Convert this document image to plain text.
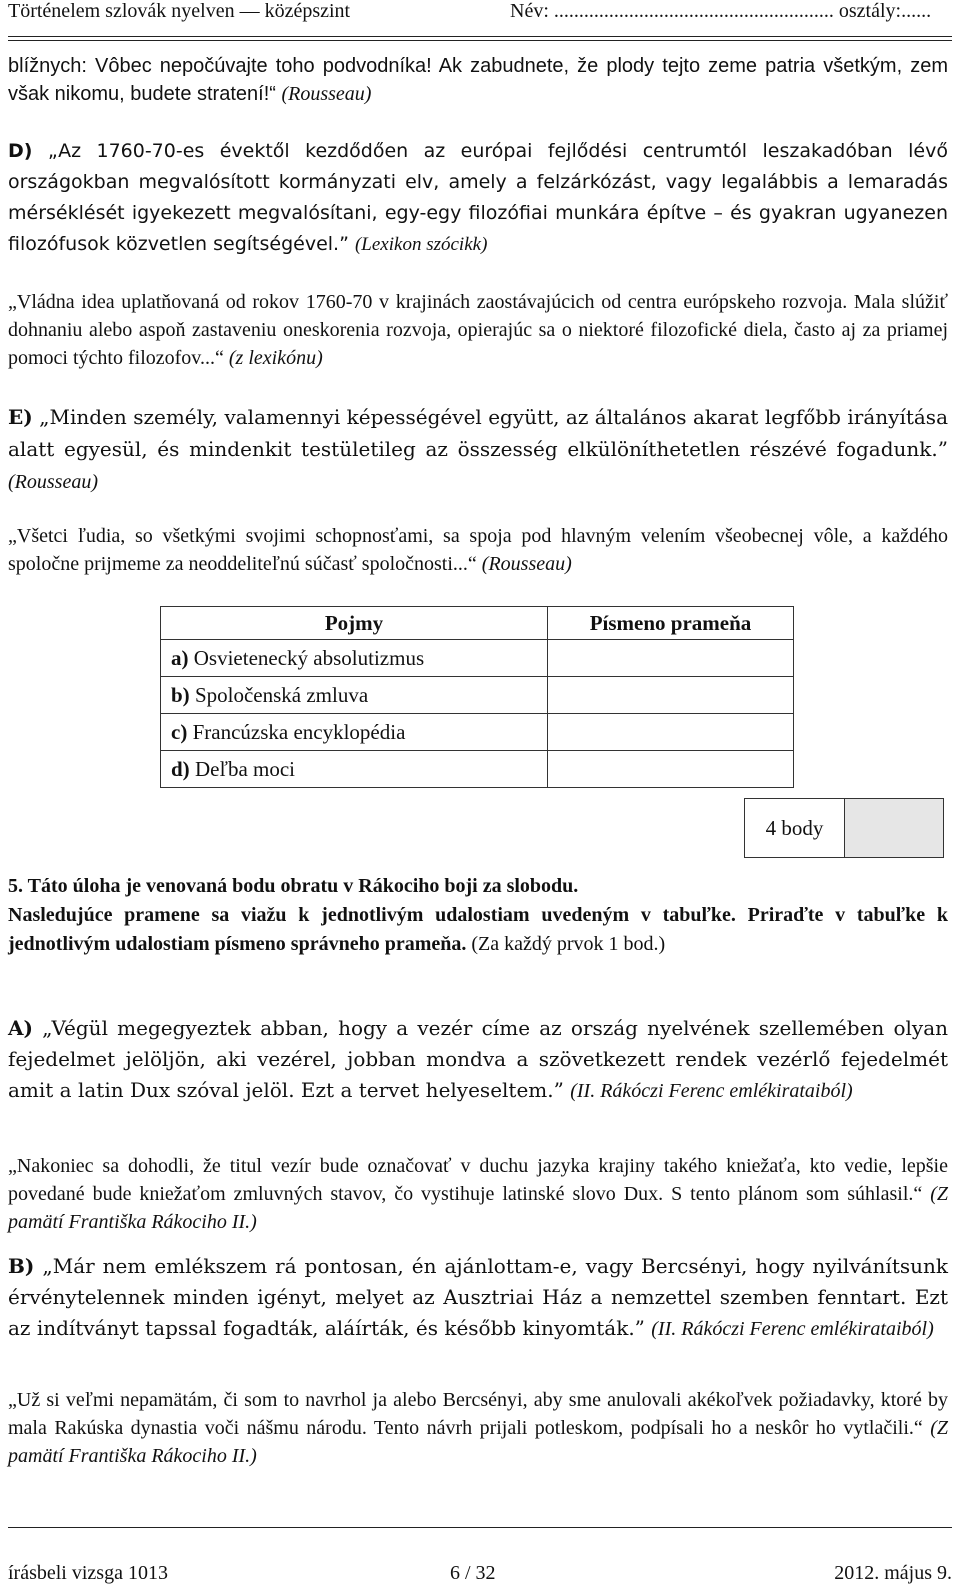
Történelem szlovák nyelven — középszint	Név: ........................................................ osztály:......
blížnych: Vôbec nepočúvajte toho podvodníka! Ak zabudnete, že plody tejto zeme patria všetkým, zem však nikomu, budete stratení!“ (Rousseau)
D) „Az 1760-70-es évektől kezdődően az európai fejlődési centrumtól leszakadóban lévő országokban megvalósított kormányzati elv, amely a felzárkózást, vagy legalábbis a lemaradás mérséklését igyekezett megvalósítani, egy-egy filozófiai munkára építve – és gyakran ugyanezen filozófusok közvetlen segítségével.” (Lexikon szócikk)
„Vládna idea uplatňovaná od rokov 1760-70 v krajinách zaostávajúcich od centra európskeho rozvoja. Mala slúžiť dohnaniu alebo aspoň zastaveniu oneskorenia rozvoja, opierajúc sa o niektoré filozofické diela, často aj za priamej pomoci týchto filozofov...“ (z lexikónu)
E) „Minden személy, valamennyi képességével együtt, az általános akarat legfőbb irányítása alatt egyesül, és mindenkit testületileg az összesség elkülöníthetetlen részévé fogadunk.” (Rousseau)
„Všetci ľudia, so všetkými svojimi schopnosťami, sa spoja pod hlavným velením všeobecnej vôle, a každého spoločne prijmeme za neoddeliteľnú súčasť spoločnosti...“ (Rousseau)
Pojmy	Písmeno prameňa
a) Osvietenecký absolutizmus	
b) Spoločenská zmluva	
c) Francúzska encyklopédia	
d) Deľba moci	
4 body
5. Táto úloha je venovaná bodu obratu v Rákociho boji za slobodu.
Nasledujúce pramene sa viažu k jednotlivým udalostiam uvedeným v tabuľke. Priraďte v tabuľke k jednotlivým udalostiam písmeno správneho prameňa. (Za každý prvok 1 bod.)
A) „Végül megegyeztek abban, hogy a vezér címe az ország nyelvének szellemében olyan fejedelmet jelöljön, aki vezérel, jobban mondva a szövetkezett rendek vezérlő fejedelmét amit a latin Dux szóval jelöl. Ezt a tervet helyeseltem.” (II. Rákóczi Ferenc emlékirataiból)
„Nakoniec sa dohodli, že titul vezír bude označovať v duchu jazyka krajiny takého kniežaťa, kto vedie, lepšie povedané bude kniežaťom zmluvných stavov, čo vystihuje latinské slovo Dux. S tento plánom som súhlasil.“ (Z pamätí Františka Rákociho II.)
B) „Már nem emlékszem rá pontosan, én ajánlottam-e, vagy Bercsényi, hogy nyilvánítsunk érvénytelennek minden igényt, melyet az Ausztriai Ház a nemzettel szemben fenntart. Ezt az indítványt tapssal fogadták, aláírták, és később kinyomták.” (II. Rákóczi Ferenc emlékirataiból)
„Už si veľmi nepamätám, či som to navrhol ja alebo Bercsényi, aby sme anulovali akékoľvek požiadavky, ktoré by mala Rakúska dynastia voči nášmu národu. Tento návrh prijali potleskom, podpísali ho a neskôr ho vytlačili.“ (Z pamätí Františka Rákociho II.)
írásbeli vizsga 1013	6 / 32	2012. május 9.
